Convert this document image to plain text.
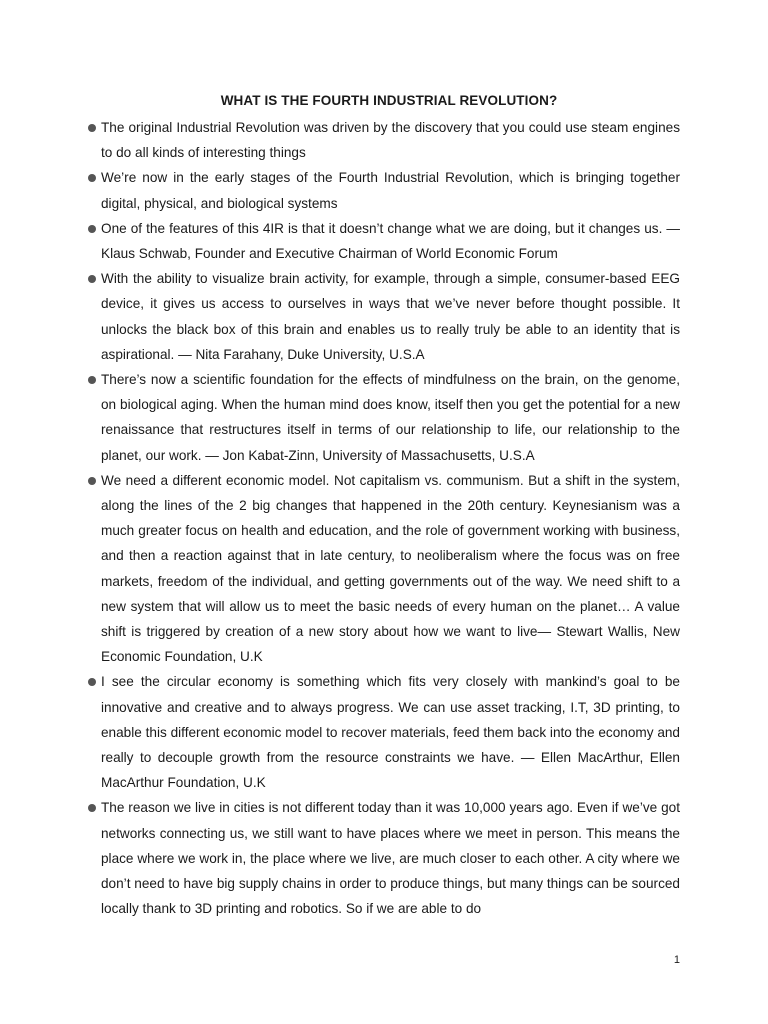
WHAT IS THE FOURTH INDUSTRIAL REVOLUTION?
The original Industrial Revolution was driven by the discovery that you could use steam engines to do all kinds of interesting things
We’re now in the early stages of the Fourth Industrial Revolution, which is bringing together digital, physical, and biological systems
One of the features of this 4IR is that it doesn’t change what we are doing, but it changes us. — Klaus Schwab, Founder and Executive Chairman of World Economic Forum
With the ability to visualize brain activity, for example, through a simple, consumer-based EEG device, it gives us access to ourselves in ways that we’ve never before thought possible. It unlocks the black box of this brain and enables us to really truly be able to an identity that is aspirational. — Nita Farahany, Duke University, U.S.A
There’s now a scientific foundation for the effects of mindfulness on the brain, on the genome, on biological aging. When the human mind does know, itself then you get the potential for a new renaissance that restructures itself in terms of our relationship to life, our relationship to the planet, our work. — Jon Kabat-Zinn, University of Massachusetts, U.S.A
We need a different economic model. Not capitalism vs. communism. But a shift in the system, along the lines of the 2 big changes that happened in the 20th century. Keynesianism was a much greater focus on health and education, and the role of government working with business, and then a reaction against that in late century, to neoliberalism where the focus was on free markets, freedom of the individual, and getting governments out of the way. We need shift to a new system that will allow us to meet the basic needs of every human on the planet… A value shift is triggered by creation of a new story about how we want to live— Stewart Wallis, New Economic Foundation, U.K
I see the circular economy is something which fits very closely with mankind’s goal to be innovative and creative and to always progress. We can use asset tracking, I.T, 3D printing, to enable this different economic model to recover materials, feed them back into the economy and really to decouple growth from the resource constraints we have. — Ellen MacArthur, Ellen MacArthur Foundation, U.K
The reason we live in cities is not different today than it was 10,000 years ago. Even if we’ve got networks connecting us, we still want to have places where we meet in person. This means the place where we work in, the place where we live, are much closer to each other. A city where we don’t need to have big supply chains in order to produce things, but many things can be sourced locally thank to 3D printing and robotics. So if we are able to do
1
